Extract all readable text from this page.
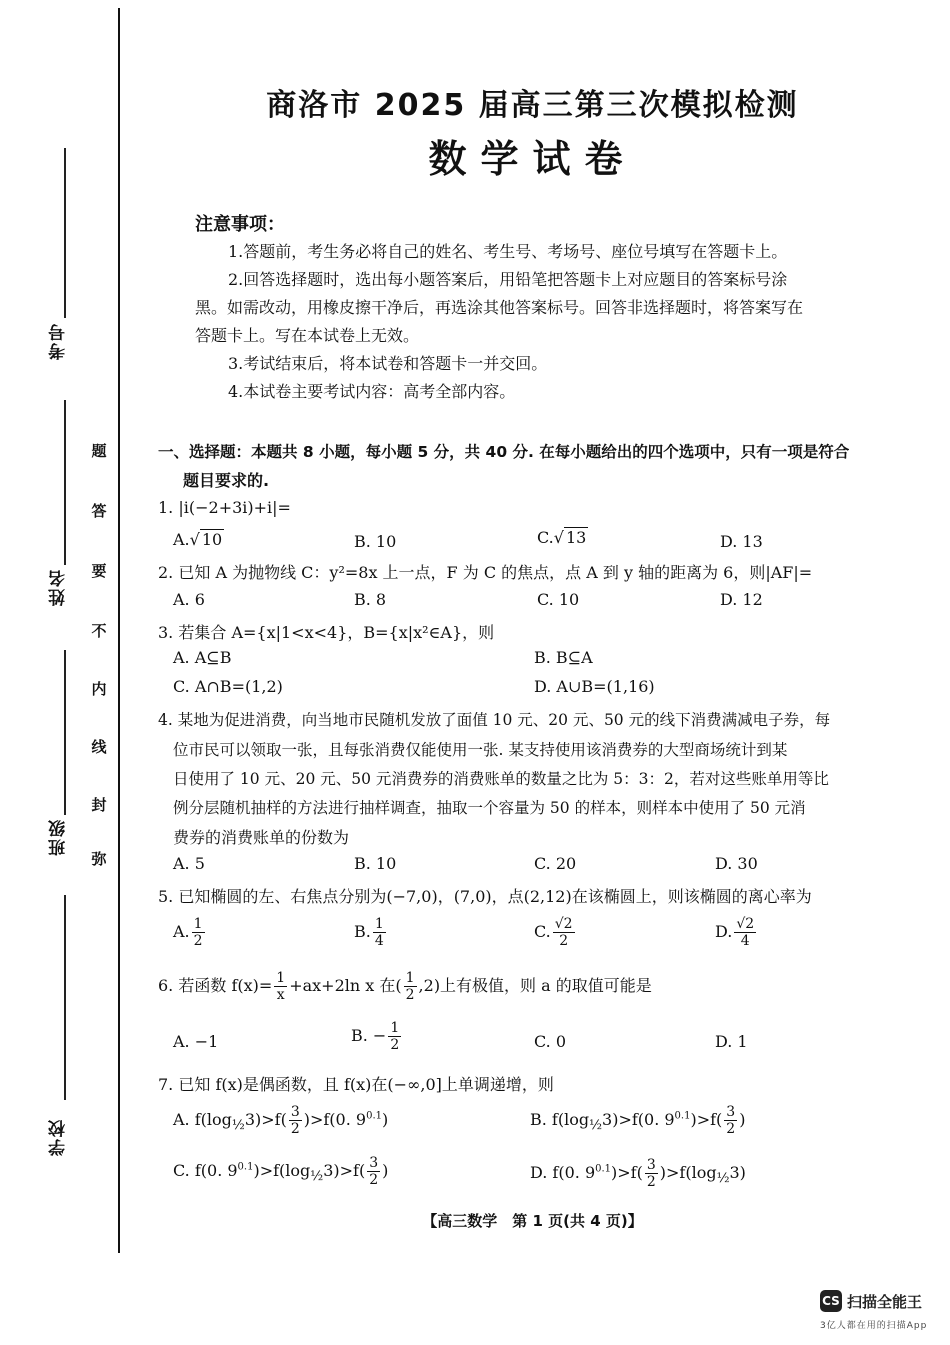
考号
姓名
班级
学校
题
答
要
不
内
线
封
弥
商洛市 2025 届高三第三次模拟检测
数学试卷
注意事项：
1.答题前，考生务必将自己的姓名、考生号、考场号、座位号填写在答题卡上。
2.回答选择题时，选出每小题答案后，用铅笔把答题卡上对应题目的答案标号涂
黑。如需改动，用橡皮擦干净后，再选涂其他答案标号。回答非选择题时，将答案写在
答题卡上。写在本试卷上无效。
3.考试结束后，将本试卷和答题卡一并交回。
4.本试卷主要考试内容：高考全部内容。
一、选择题：本题共 8 小题，每小题 5 分，共 40 分. 在每小题给出的四个选项中，只有一项是符合
题目要求的.
1. |i(−2+3i)+i|=
A.√ 10	B. 10	C.√ 13	D. 13
2. 已知 A 为抛物线 C：y²=8x 上一点，F 为 C 的焦点，点 A 到 y 轴的距离为 6，则|AF|=
A. 6	B. 8	C. 10	D. 12
3. 若集合 A={x|1<x<4}，B={x|x²∈A}，则
A. A⊆B	B. B⊆A
C. A∩B=(1,2)	D. A∪B=(1,16)
4. 某地为促进消费，向当地市民随机发放了面值 10 元、20 元、50 元的线下消费满减电子券，每
位市民可以领取一张，且每张消费仅能使用一张. 某支持使用该消费券的大型商场统计到某
日使用了 10 元、20 元、50 元消费券的消费账单的数量之比为 5：3：2，若对这些账单用等比
例分层随机抽样的方法进行抽样调查，抽取一个容量为 50 的样本，则样本中使用了 50 元消
费券的消费账单的份数为
A. 5	B. 10	C. 20	D. 30
5. 已知椭圆的左、右焦点分别为(−7,0)，(7,0)，点(2,12)在该椭圆上，则该椭圆的离心率为
A. $\frac{1}{2}$	B. $\frac{1}{4}$	C. $\frac{√2}{2}$	D. $\frac{√2}{4}$
6. 若函数 $f(x)= \frac{1}{x} +ax+2\ln$ x 在( $\frac{1}{2} ,2$)上有极值，则 a 的取值可能是
A. −1	B. − $\frac{1}{2}$	C. 0	D. 1
7. 已知 f(x)是偶函数，且 f(x)在(−∞,0]上单调递增，则
A. $f(\log_{\frac{1}{2}}3)>f( \frac{3}{2} )>f(0$. $9^{0.1}$)	B. $f(\log_{\frac{1}{2}}3)>f(0$. $9^{0.1})>f( \frac{3}{2}$ )
C. f(0. $9^{0.1})>f(\log_{\frac{1}{2}}3)>f( \frac{3}{2}$ )	D. f(0. $9^{0.1})>f( \frac{3}{2} )>f(\log_{\frac{1}{2}}3)$
【高三数学　第 1 页(共 4 页)】
CS 扫描全能王
3亿人都在用的扫描App
